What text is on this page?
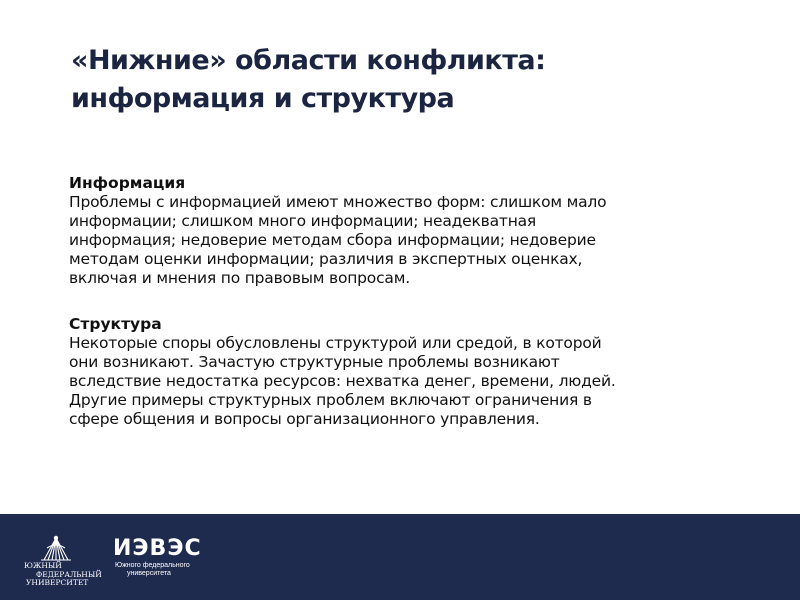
«Нижние» области конфликта:
информация и структура
Информация
Проблемы с информацией имеют множество форм: слишком мало
информации; слишком много информации; неадекватная
информация; недоверие методам сбора информации; недоверие
методам оценки информации; различия в экспертных оценках,
включая и мнения по правовым вопросам.
Структура
Некоторые споры обусловлены структурой или средой, в которой
они возникают. Зачастую структурные проблемы возникают
вследствие недостатка ресурсов: нехватка денег, времени, людей.
Другие примеры структурных проблем включают ограничения в
сфере общения и вопросы организационного управления.
ЮЖНЫЙ
ФЕДЕРАЛЬНЫЙ
УНИВЕРСИТЕТ
ИЭВЭС
Южного федерального
университета
